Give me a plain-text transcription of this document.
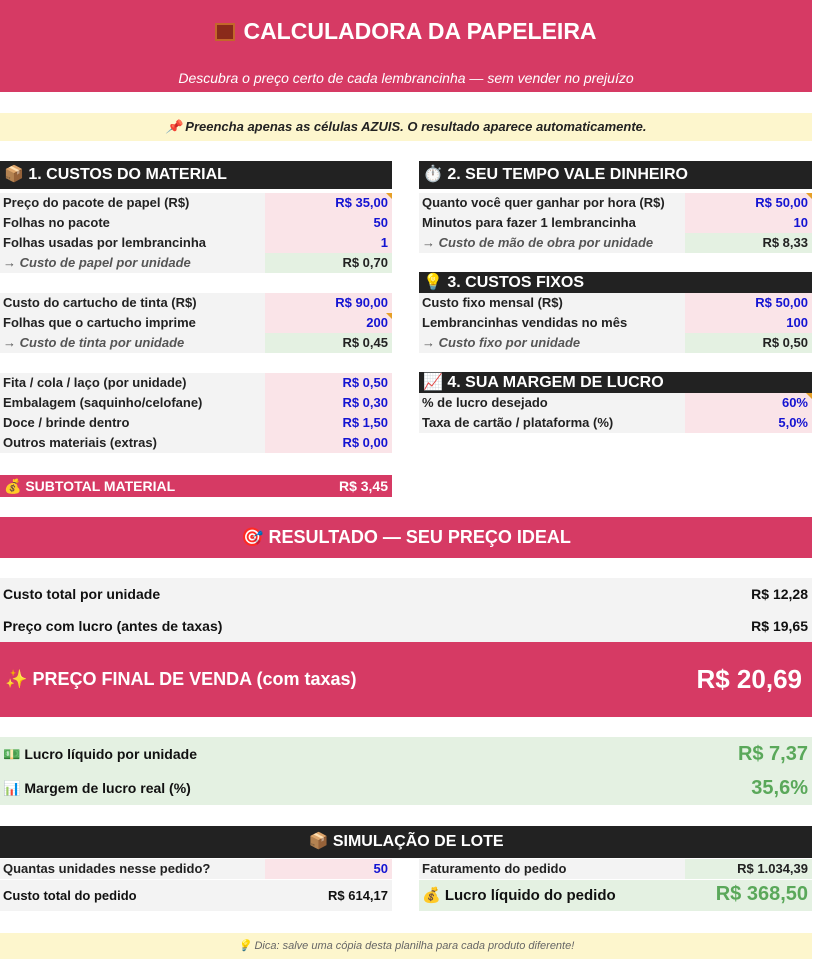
CALCULADORA DA PAPELEIRA
Descubra o preço certo de cada lembrancinha — sem vender no prejuízo
📌 Preencha apenas as células AZUIS. O resultado aparece automaticamente.
📦 1. CUSTOS DO MATERIAL
Preço do pacote de papel (R$)	R$ 35,00
Folhas no pacote	50
Folhas usadas por lembrancinha	1
→ Custo de papel por unidade	R$ 0,70
Custo do cartucho de tinta (R$)	R$ 90,00
Folhas que o cartucho imprime	200
→ Custo de tinta por unidade	R$ 0,45
Fita / cola / laço (por unidade)	R$ 0,50
Embalagem (saquinho/celofane)	R$ 0,30
Doce / brinde dentro	R$ 1,50
Outros materiais (extras)	R$ 0,00
💰 SUBTOTAL MATERIAL	R$ 3,45
⏱️ 2. SEU TEMPO VALE DINHEIRO
💡 3. CUSTOS FIXOS
📈 4. SUA MARGEM DE LUCRO
Quanto você quer ganhar por hora (R$)	R$ 50,00
Minutos para fazer 1 lembrancinha	10
→ Custo de mão de obra por unidade	R$ 8,33
Custo fixo mensal (R$)	R$ 50,00
Lembrancinhas vendidas no mês	100
→ Custo fixo por unidade	R$ 0,50
% de lucro desejado	60%
Taxa de cartão / plataforma (%)	5,0%
🎯 RESULTADO — SEU PREÇO IDEAL
Custo total por unidade	R$ 12,28
Preço com lucro (antes de taxas)	R$ 19,65
✨ PREÇO FINAL DE VENDA (com taxas)	R$ 20,69
💵 Lucro líquido por unidade	R$ 7,37
📊 Margem de lucro real (%)	35,6%
📦 SIMULAÇÃO DE LOTE
Quantas unidades nesse pedido?	50
Custo total do pedido	R$ 614,17
Faturamento do pedido	R$ 1.034,39
💰 Lucro líquido do pedido	R$ 368,50
💡 Dica: salve uma cópia desta planilha para cada produto diferente!
